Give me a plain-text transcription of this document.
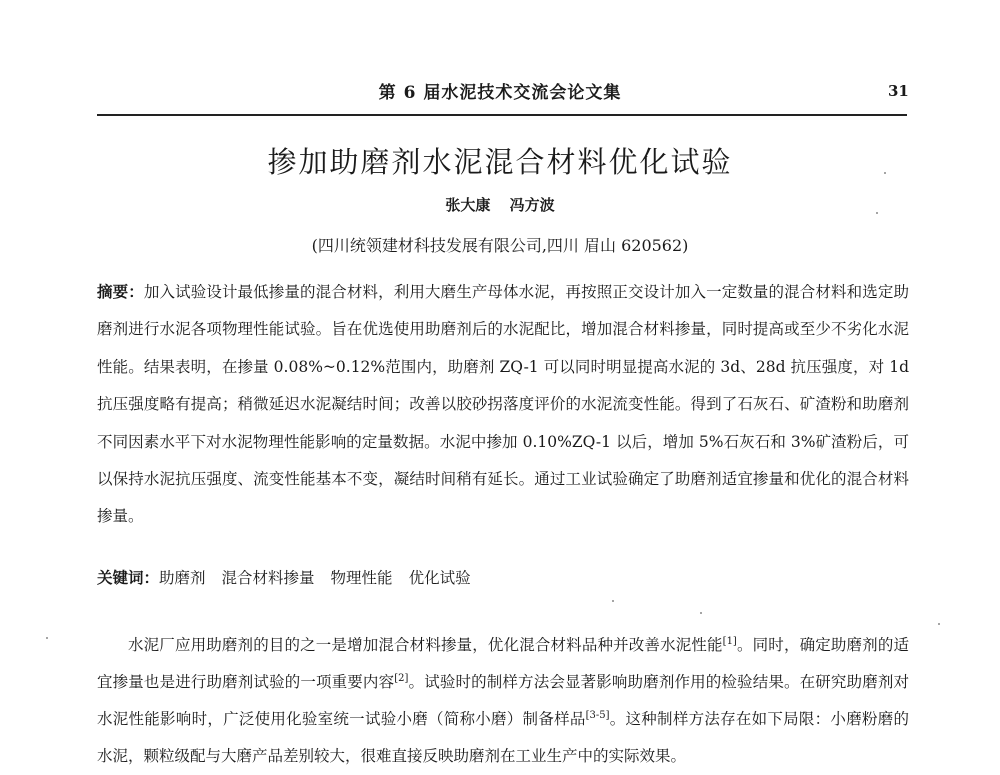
第 6 届水泥技术交流会论文集	31
掺加助磨剂水泥混合材料优化试验
张大康 冯方波
(四川统领建材科技发展有限公司,四川 眉山 620562)
摘要：加入试验设计最低掺量的混合材料，利用大磨生产母体水泥，再按照正交设计加入一定数量的混合材料和选定助磨剂进行水泥各项物理性能试验。旨在优选使用助磨剂后的水泥配比，增加混合材料掺量，同时提高或至少不劣化水泥性能。结果表明，在掺量 0.08%~0.12%范围内，助磨剂 ZQ-1 可以同时明显提高水泥的 3d、28d 抗压强度，对 1d 抗压强度略有提高；稍微延迟水泥凝结时间；改善以胶砂拐落度评价的水泥流变性能。得到了石灰石、矿渣粉和助磨剂不同因素水平下对水泥物理性能影响的定量数据。水泥中掺加 0.10%ZQ-1 以后，增加 5%石灰石和 3%矿渣粉后，可以保持水泥抗压强度、流变性能基本不变，凝结时间稍有延长。通过工业试验确定了助磨剂适宜掺量和优化的混合材料掺量。
关键词：助磨剂 混合材料掺量 物理性能 优化试验
水泥厂应用助磨剂的目的之一是增加混合材料掺量，优化混合材料品种并改善水泥性能[1]。同时，确定助磨剂的适宜掺量也是进行助磨剂试验的一项重要内容[2]。试验时的制样方法会显著影响助磨剂作用的检验结果。在研究助磨剂对水泥性能影响时，广泛使用化验室统一试验小磨（简称小磨）制备样品[3-5]。这种制样方法存在如下局限：小磨粉磨的水泥，颗粒级配与大磨产品差别较大，很难直接反映助磨剂在工业生产中的实际效果。
